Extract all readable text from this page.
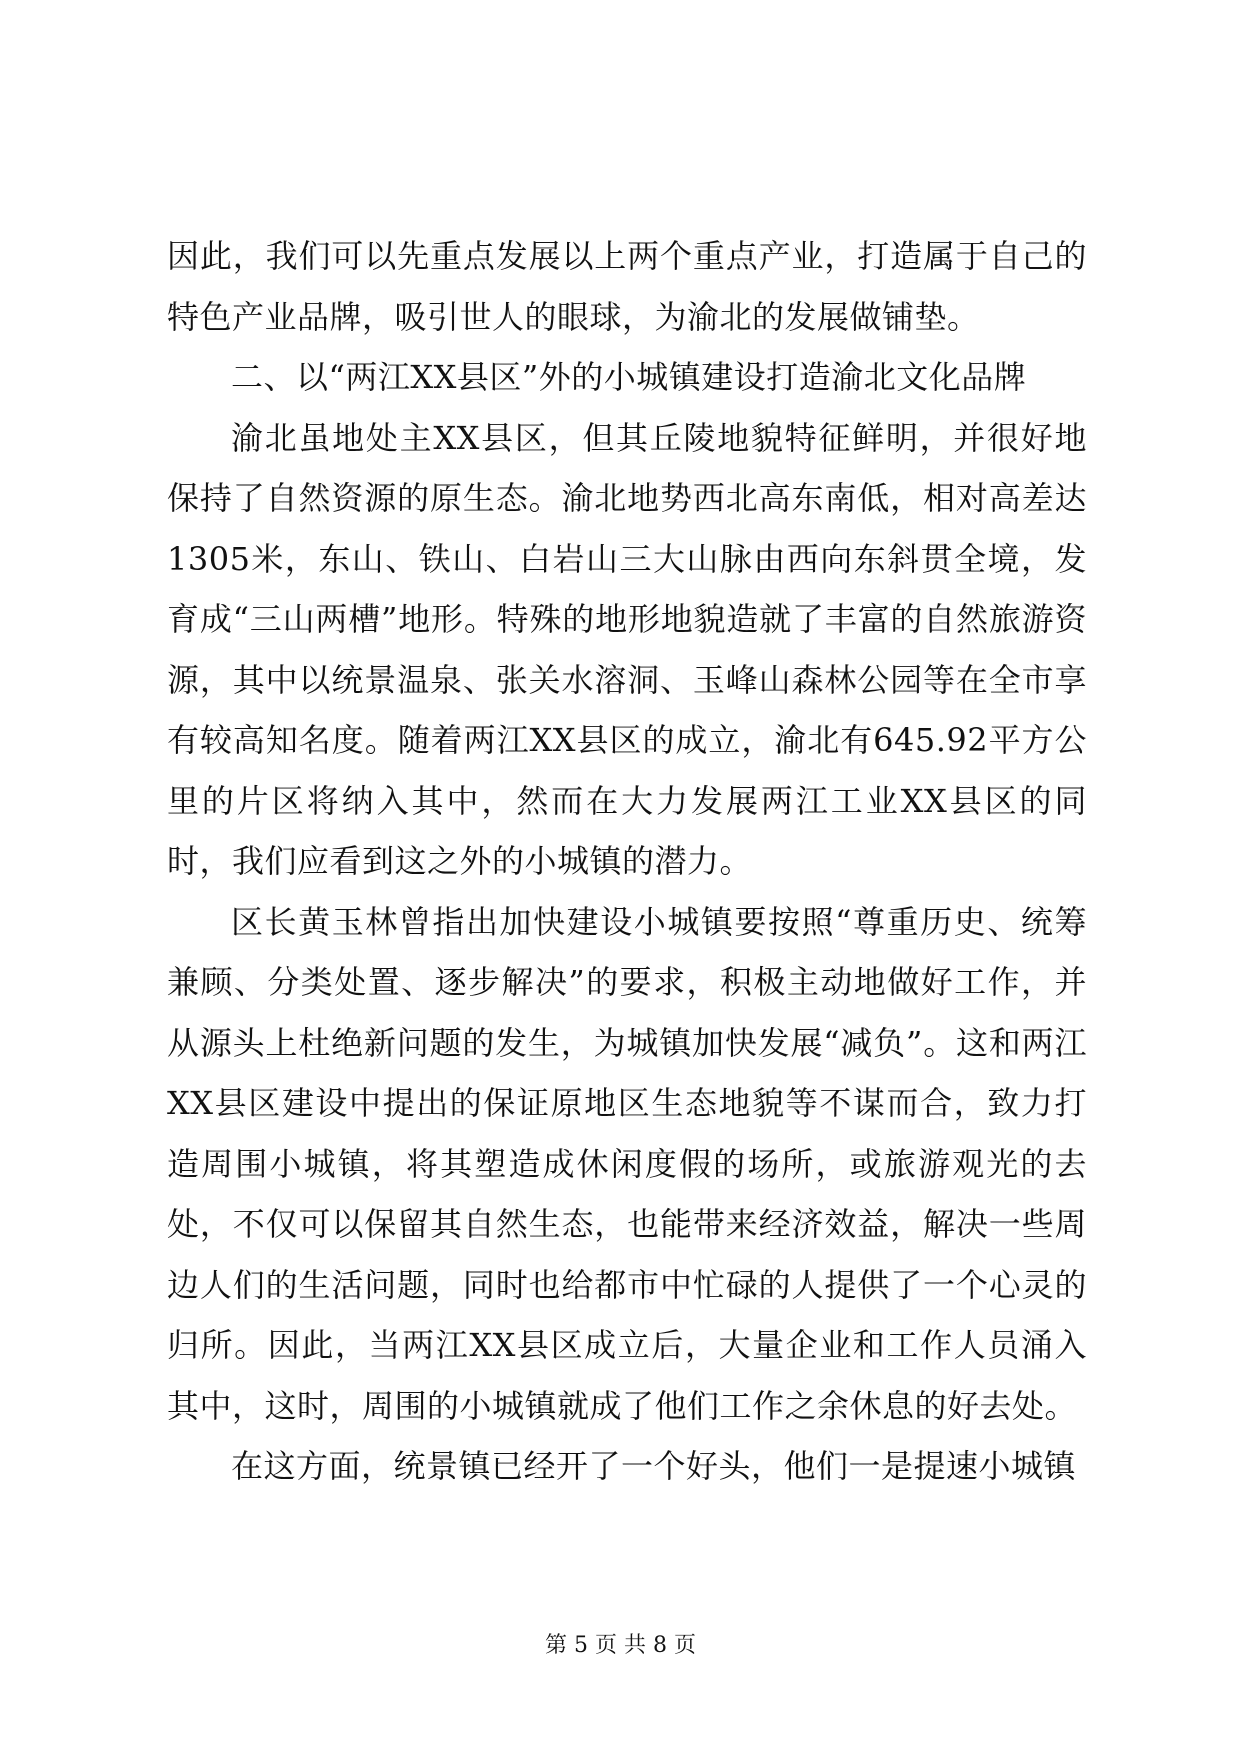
因此，我们可以先重点发展以上两个重点产业，打造属于自己的特色产业品牌，吸引世人的眼球，为渝北的发展做铺垫。

二、以“两江XX县区”外的小城镇建设打造渝北文化品牌

渝北虽地处主XX县区，但其丘陵地貌特征鲜明，并很好地保持了自然资源的原生态。渝北地势西北高东南低，相对高差达1305米，东山、铁山、白岩山三大山脉由西向东斜贯全境，发育成“三山两槽”地形。特殊的地形地貌造就了丰富的自然旅游资源，其中以统景温泉、张关水溶洞、玉峰山森林公园等在全市享有较高知名度。随着两江XX县区的成立，渝北有645.92平方公里的片区将纳入其中，然而在大力发展两江工业XX县区的同时，我们应看到这之外的小城镇的潜力。

区长黄玉林曾指出加快建设小城镇要按照“尊重历史、统筹兼顾、分类处置、逐步解决”的要求，积极主动地做好工作，并从源头上杜绝新问题的发生，为城镇加快发展“减负”。这和两江XX县区建设中提出的保证原地区生态地貌等不谋而合，致力打造周围小城镇，将其塑造成休闲度假的场所，或旅游观光的去处，不仅可以保留其自然生态，也能带来经济效益，解决一些周边人们的生活问题，同时也给都市中忙碌的人提供了一个心灵的归所。因此，当两江XX县区成立后，大量企业和工作人员涌入其中，这时，周围的小城镇就成了他们工作之余休息的好去处。

在这方面，统景镇已经开了一个好头，他们一是提速小城镇

第 5 页 共 8 页
